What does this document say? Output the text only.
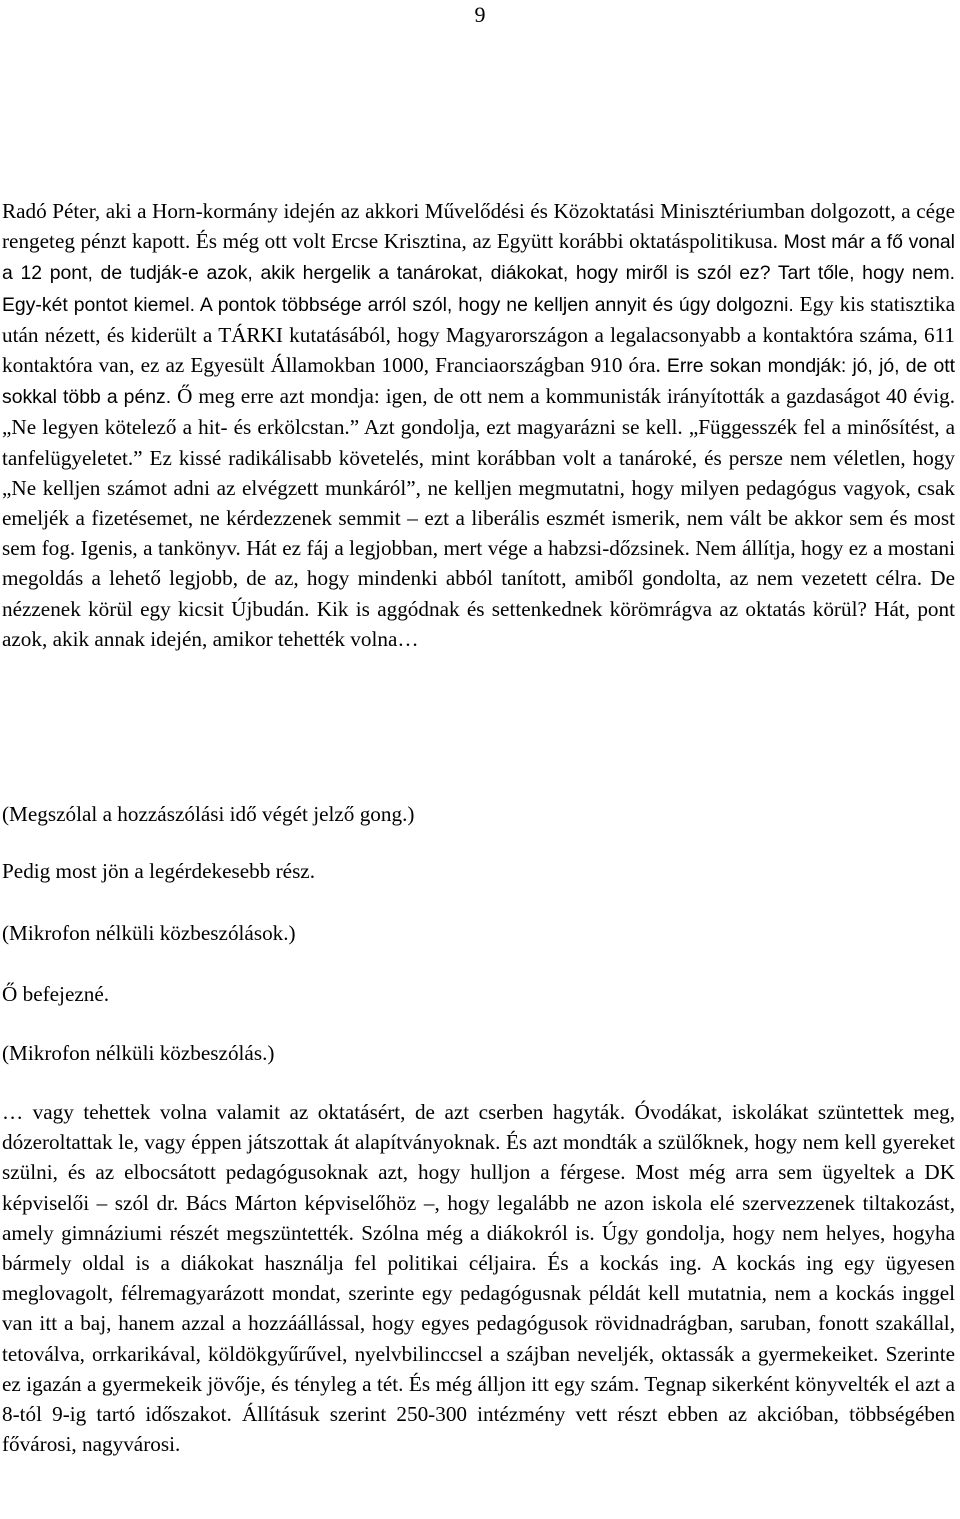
9

Radó Péter, aki a Horn-kormány idején az akkori Művelődési és Közoktatási Minisztériumban dolgozott, a cége rengeteg pénzt kapott. És még ott volt Ercse Krisztina, az Együtt korábbi oktatáspolitikusa. Most már a fő vonal a 12 pont, de tudják-e azok, akik hergelik a tanárokat, diákokat, hogy miről is szól ez? Tart tőle, hogy nem. Egy-két pontot kiemel. A pontok többsége arról szól, hogy ne kelljen annyit és úgy dolgozni. Egy kis statisztika után nézett, és kiderült a TÁRKI kutatásából, hogy Magyarországon a legalacsonyabb a kontaktóra száma, 611 kontaktóra van, ez az Egyesült Államokban 1000, Franciaországban 910 óra. Erre sokan mondják: jó, jó, de ott sokkal több a pénz. Ő meg erre azt mondja: igen, de ott nem a kommunisták irányították a gazdaságot 40 évig. „Ne legyen kötelező a hit- és erkölcstan.” Azt gondolja, ezt magyarázni se kell. „Függesszék fel a minősítést, a tanfelügyeletet.” Ez kissé radikálisabb követelés, mint korábban volt a tanároké, és persze nem véletlen, hogy „Ne kelljen számot adni az elvégzett munkáról”, ne kelljen megmutatni, hogy milyen pedagógus vagyok, csak emeljék a fizetésemet, ne kérdezzenek semmit – ezt a liberális eszmét ismerik, nem vált be akkor sem és most sem fog. Igenis, a tankönyv. Hát ez fáj a legjobban, mert vége a habzsi-dőzsinek. Nem állítja, hogy ez a mostani megoldás a lehető legjobb, de az, hogy mindenki abból tanított, amiből gondolta, az nem vezetett célra. De nézzenek körül egy kicsit Újbudán. Kik is aggódnak és settenkednek körömrágva az oktatás körül? Hát, pont azok, akik annak idején, amikor tehették volna…

(Megszólal a hozzászólási idő végét jelző gong.)

Pedig most jön a legérdekesebb rész.

(Mikrofon nélküli közbeszólások.)

Ő befejezné.

(Mikrofon nélküli közbeszólás.)

… vagy tehettek volna valamit az oktatásért, de azt cserben hagyták. Óvodákat, iskolákat szüntettek meg, dózeroltattak le, vagy éppen játszottak át alapítványoknak. És azt mondták a szülőknek, hogy nem kell gyereket szülni, és az elbocsátott pedagógusoknak azt, hogy hulljon a férgese. Most még arra sem ügyeltek a DK képviselői – szól dr. Bács Márton képviselőhöz –, hogy legalább ne azon iskola elé szervezzenek tiltakozást, amely gimnáziumi részét megszüntették. Szólna még a diákokról is. Úgy gondolja, hogy nem helyes, hogyha bármely oldal is a diákokat használja fel politikai céljaira. És a kockás ing. A kockás ing egy ügyesen meglovagolt, félremagyarázott mondat, szerinte egy pedagógusnak példát kell mutatnia, nem a kockás inggel van itt a baj, hanem azzal a hozzáállással, hogy egyes pedagógusok rövidnadrágban, saruban, fonott szakállal, tetoválva, orrkarikával, köldökgyűrűvel, nyelvbilinccsel a szájban neveljék, oktassák a gyermekeiket. Szerinte ez igazán a gyermekeik jövője, és tényleg a tét. És még álljon itt egy szám. Tegnap sikerként könyvelték el azt a 8-tól 9-ig tartó időszakot. Állításuk szerint 250-300 intézmény vett részt ebben az akcióban, többségében fővárosi, nagyvárosi.
